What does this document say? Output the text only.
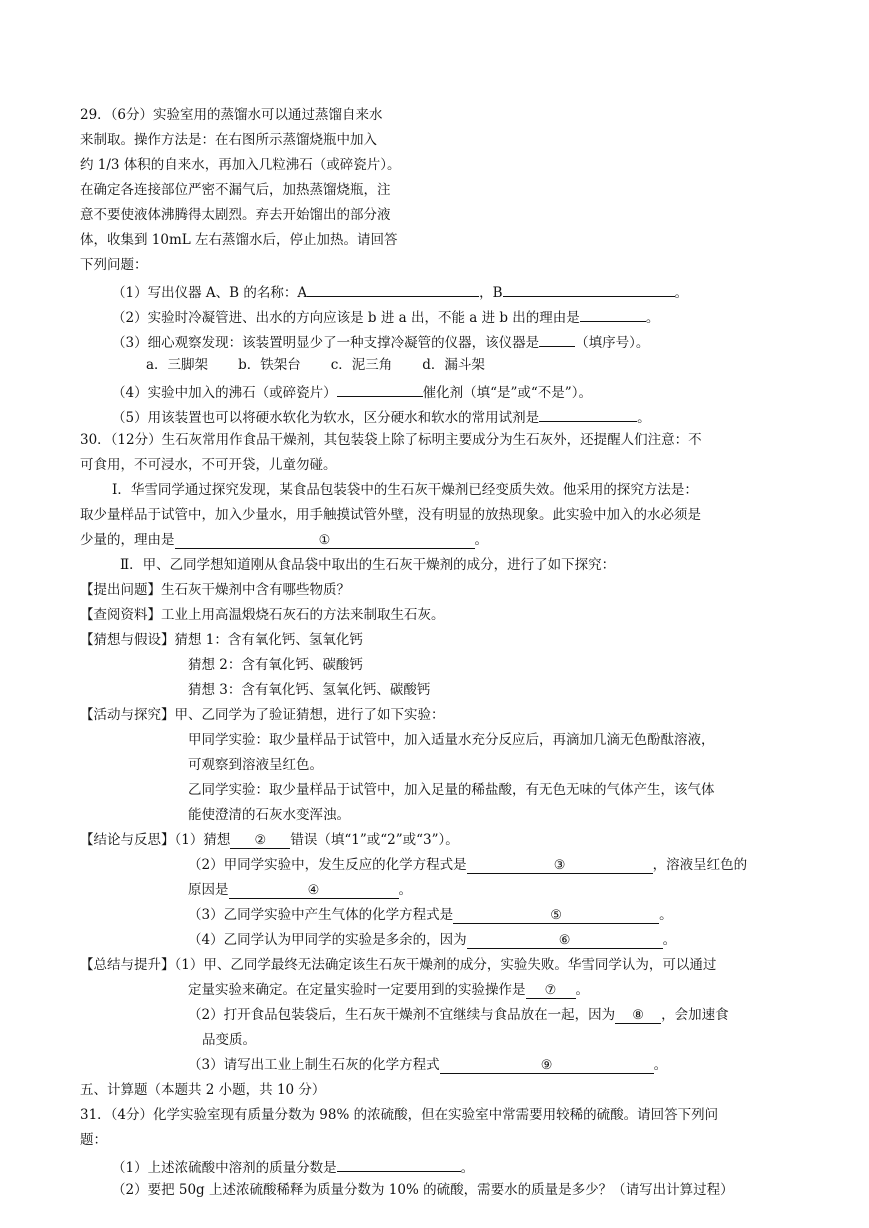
29．（6分）实验室用的蒸馏水可以通过蒸馏自来水
来制取。操作方法是：在右图所示蒸馏烧瓶中加入
约 1/3 体积的自来水，再加入几粒沸石（或碎瓷片）。
在确定各连接部位严密不漏气后，加热蒸馏烧瓶，注
意不要使液体沸腾得太剧烈。弃去开始馏出的部分液
体，收集到 10mL 左右蒸馏水后，停止加热。请回答
下列问题：
（1）写出仪器 A、B 的名称：A	，B	。
（2）实验时冷凝管进、出水的方向应该是 b 进 a 出，不能 a 进 b 出的理由是	。
（3）细心观察发现：该装置明显少了一种支撑冷凝管的仪器，该仪器是	（填序号）。
a．三脚架 b．铁架台 c．泥三角 d．漏斗架
（4）实验中加入的沸石（或碎瓷片）	催化剂（填“是”或“不是”）。
（5）用该装置也可以将硬水软化为软水，区分硬水和软水的常用试剂是	。
30．（12分）生石灰常用作食品干燥剂，其包装袋上除了标明主要成分为生石灰外，还提醒人们注意：不
可食用，不可浸水，不可开袋，儿童勿碰。
Ⅰ．华雪同学通过探究发现，某食品包装袋中的生石灰干燥剂已经变质失效。他采用的探究方法是：
取少量样品于试管中，加入少量水，用手触摸试管外壁，没有明显的放热现象。此实验中加入的水必须是
少量的，理由是	①	。
Ⅱ．甲、乙同学想知道刚从食品袋中取出的生石灰干燥剂的成分，进行了如下探究：
【提出问题】生石灰干燥剂中含有哪些物质？
【查阅资料】工业上用高温煅烧石灰石的方法来制取生石灰。
【猜想与假设】猜想 1：含有氧化钙、氢氧化钙
猜想 2：含有氧化钙、碳酸钙
猜想 3：含有氧化钙、氢氧化钙、碳酸钙
【活动与探究】甲、乙同学为了验证猜想，进行了如下实验：
甲同学实验：取少量样品于试管中，加入适量水充分反应后，再滴加几滴无色酚酞溶液，
可观察到溶液呈红色。
乙同学实验：取少量样品于试管中，加入足量的稀盐酸，有无色无味的气体产生，该气体
能使澄清的石灰水变浑浊。
【结论与反思】（1）猜想 ② 错误（填“1”或“2”或“3”）。
（2）甲同学实验中，发生反应的化学方程式是	③	，溶液呈红色的
原因是	④	。
（3）乙同学实验中产生气体的化学方程式是	⑤	。
（4）乙同学认为甲同学的实验是多余的，因为	⑥	。
【总结与提升】（1）甲、乙同学最终无法确定该生石灰干燥剂的成分，实验失败。华雪同学认为，可以通过
定量实验来确定。在定量实验时一定要用到的实验操作是 ⑦ 。
（2）打开食品包装袋后，生石灰干燥剂不宜继续与食品放在一起，因为 ⑧ ，会加速食
品变质。
（3）请写出工业上制生石灰的化学方程式	⑨	。
五、计算题（本题共 2 小题，共 10 分）
31．（4分）化学实验室现有质量分数为 98% 的浓硫酸，但在实验室中常需要用较稀的硫酸。请回答下列问
题：
（1）上述浓硫酸中溶剂的质量分数是	。
（2）要把 50g 上述浓硫酸稀释为质量分数为 10% 的硫酸，需要水的质量是多少？（请写出计算过程）
